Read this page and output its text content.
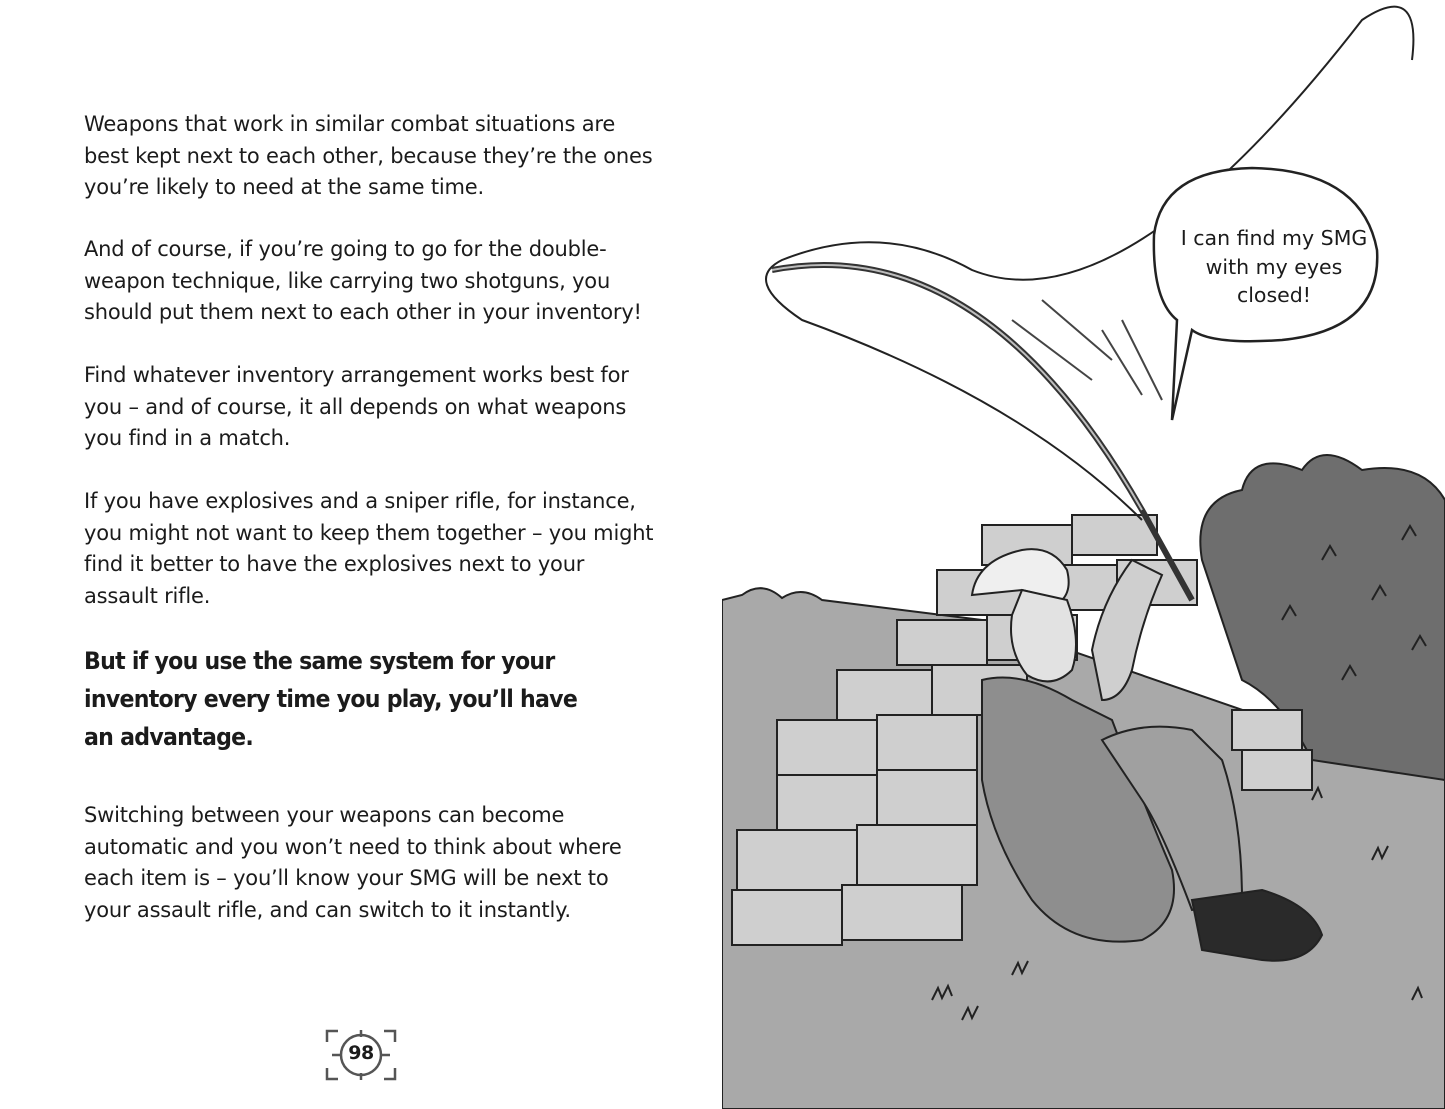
Weapons that work in similar combat situations are best kept next to each other, because they’re the ones you’re likely to need at the same time.

And of course, if you’re going to go for the double-weapon technique, like carrying two shotguns, you should put them next to each other in your inventory!

Find whatever inventory arrangement works best for you – and of course, it all depends on what weapons you find in a match.

If you have explosives and a sniper rifle, for instance, you might not want to keep them together – you might find it better to have the explosives next to your assault rifle.

But if you use the same system for your inventory every time you play, you’ll have an advantage.

Switching between your weapons can become automatic and you won’t need to think about where each item is – you’ll know your SMG will be next to your assault rifle, and can switch to it instantly.

98
I can find my SMG with my eyes closed!
